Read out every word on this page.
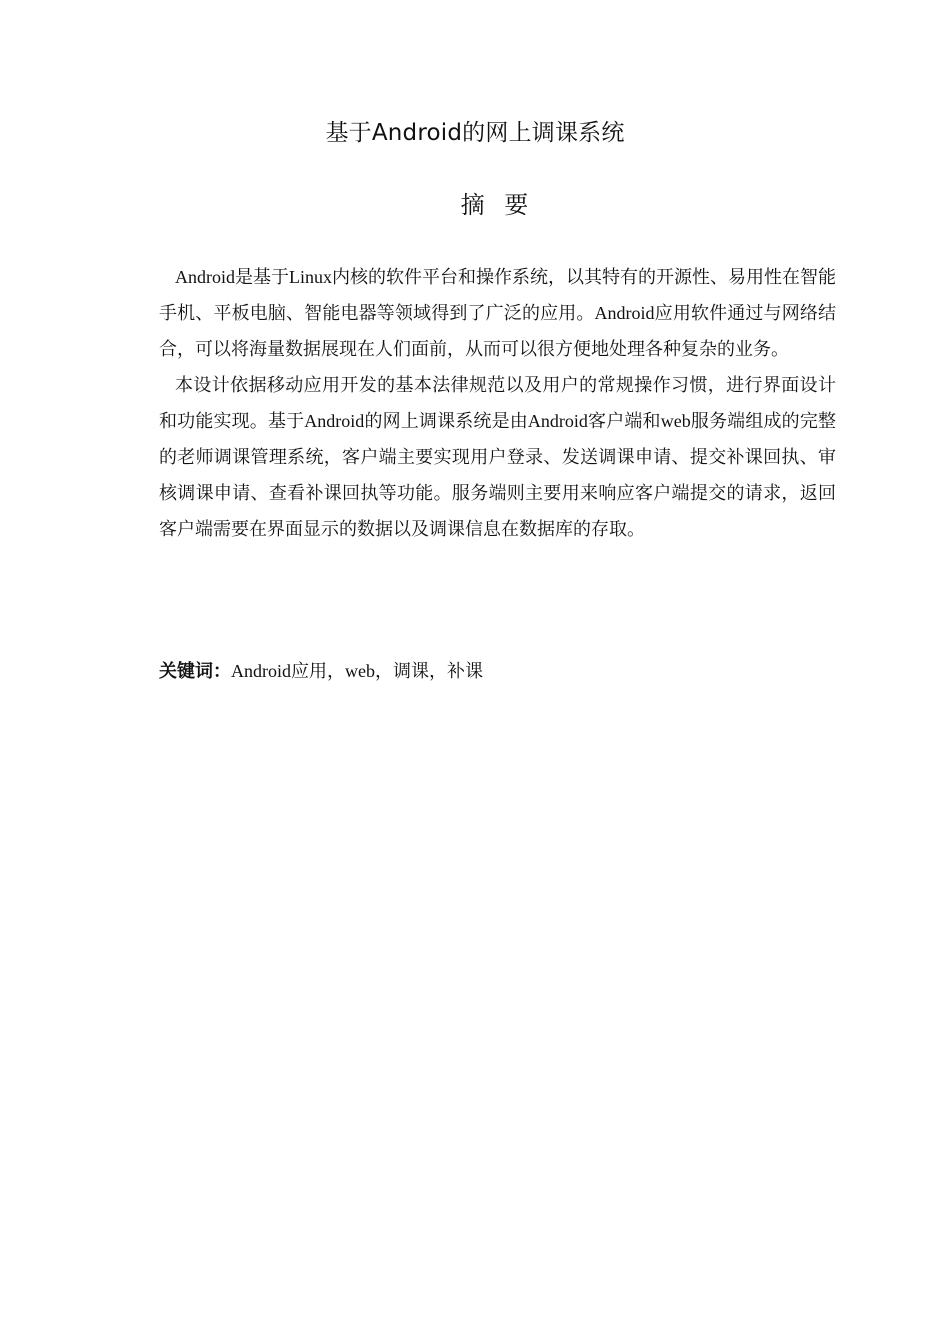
基于Android的网上调课系统
摘 要

Android是基于Linux内核的软件平台和操作系统，以其特有的开源性、易用性在智能手机、平板电脑、智能电器等领域得到了广泛的应用。Android应用软件通过与网络结合，可以将海量数据展现在人们面前，从而可以很方便地处理各种复杂的业务。

本设计依据移动应用开发的基本法律规范以及用户的常规操作习惯，进行界面设计和功能实现。基于Android的网上调课系统是由Android客户端和web服务端组成的完整的老师调课管理系统，客户端主要实现用户登录、发送调课申请、提交补课回执、审核调课申请、查看补课回执等功能。服务端则主要用来响应客户端提交的请求，返回客户端需要在界面显示的数据以及调课信息在数据库的存取。

关键词：Android应用，web，调课，补课
